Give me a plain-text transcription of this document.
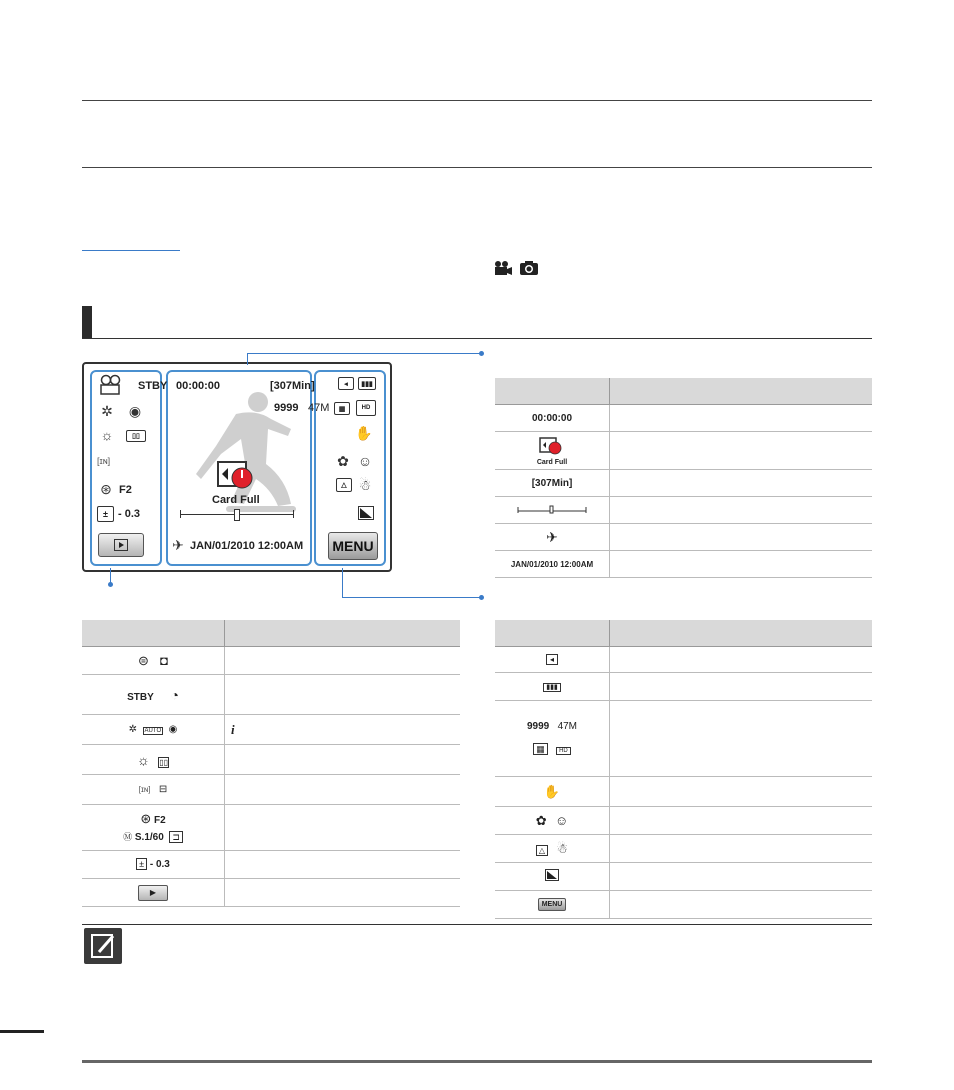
STBY
✲ ◉
☼	▯▯
[ɪɴ]
⊛ F2
± - 0.3
00:00:00	[307Min]
Card Full
✈ JAN/01/2010 12:00AM
◂	▮▮▮
9999 47M	▦	HD
✋
✿ ☺
△ ☃
MENU

00:00:00	

Card Full	

[307Min]	

✈	
JAN/01/2010 12:00AM	

⊜ ◘	
STBY ◔	
✲ AUTO ◉	i
☼ ▯▯	
[ɪɴ] ⊟	
⊛ F2
Ⓜ S.1/60 ⊐	
± - 0.3	
▶	

◂	
▮▮▮	
9999 47M
▦ HD	
✋	
✿ ☺	
△ ☃	

MENU	
